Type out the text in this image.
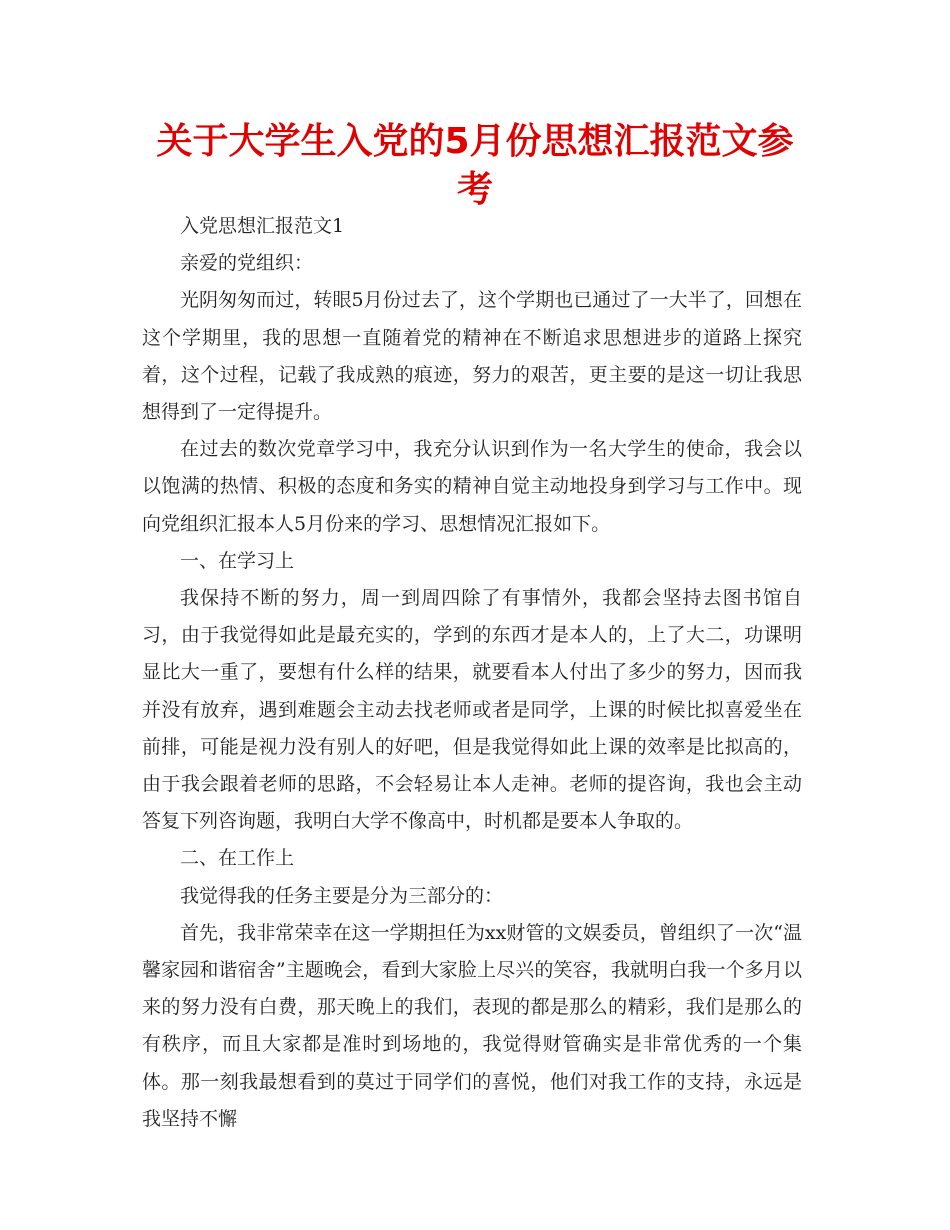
关于大学生入党的5月份思想汇报范文参考

入党思想汇报范文1

亲爱的党组织：

光阴匆匆而过，转眼5月份过去了，这个学期也已通过了一大半了，回想在这个学期里，我的思想一直随着党的精神在不断追求思想进步的道路上探究着，这个过程，记载了我成熟的痕迹，努力的艰苦，更主要的是这一切让我思想得到了一定得提升。

在过去的数次党章学习中，我充分认识到作为一名大学生的使命，我会以以饱满的热情、积极的态度和务实的精神自觉主动地投身到学习与工作中。现向党组织汇报本人5月份来的学习、思想情况汇报如下。

一、在学习上

我保持不断的努力，周一到周四除了有事情外，我都会坚持去图书馆自习，由于我觉得如此是最充实的，学到的东西才是本人的，上了大二，功课明显比大一重了，要想有什么样的结果，就要看本人付出了多少的努力，因而我并没有放弃，遇到难题会主动去找老师或者是同学，上课的时候比拟喜爱坐在前排，可能是视力没有别人的好吧，但是我觉得如此上课的效率是比拟高的，由于我会跟着老师的思路，不会轻易让本人走神。老师的提咨询，我也会主动答复下列咨询题，我明白大学不像高中，时机都是要本人争取的。

二、在工作上

我觉得我的任务主要是分为三部分的：

首先，我非常荣幸在这一学期担任为xx财管的文娱委员，曾组织了一次“温馨家园和谐宿舍”主题晚会，看到大家脸上尽兴的笑容，我就明白我一个多月以来的努力没有白费，那天晚上的我们，表现的都是那么的精彩，我们是那么的有秩序，而且大家都是准时到场地的，我觉得财管确实是非常优秀的一个集体。那一刻我最想看到的莫过于同学们的喜悦，他们对我工作的支持，永远是我坚持不懈
